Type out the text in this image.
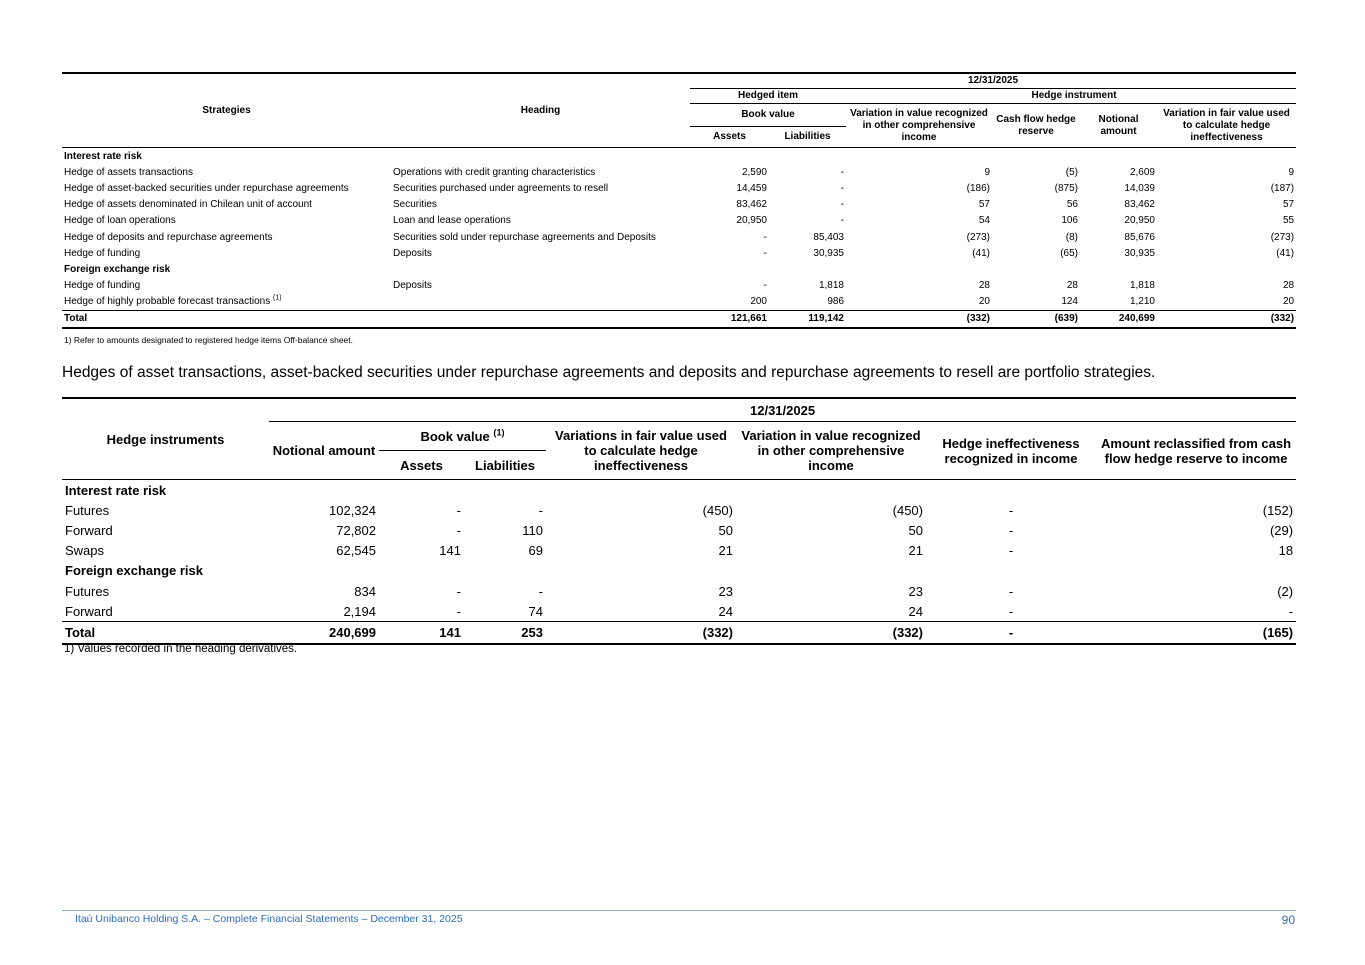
Strategies	Heading	12/31/2025					
		Hedged item		Hedge instrument			
		Book value		Variation in value recognized in other comprehensive income	Cash flow hedge reserve	Notional amount	Variation in fair value used to calculate hedge ineffectiveness
		Assets	Liabilities				
Interest rate risk							
Hedge of assets transactions	Operations with credit granting characteristics	2,590	-	9	(5)	2,609	9
Hedge of asset-backed securities under repurchase agreements	Securities purchased under agreements to resell	14,459	-	(186)	(875)	14,039	(187)
Hedge of assets denominated in Chilean unit of account	Securities	83,462	-	57	56	83,462	57
Hedge of loan operations	Loan and lease operations	20,950	-	54	106	20,950	55
Hedge of deposits and repurchase agreements	Securities sold under repurchase agreements and Deposits	-	85,403	(273)	(8)	85,676	(273)
Hedge of funding	Deposits	-	30,935	(41)	(65)	30,935	(41)
Foreign exchange risk							
Hedge of funding	Deposits	-	1,818	28	28	1,818	28
Hedge of highly probable forecast transactions $^{(1)}$		200	986	20	124	1,210	20
Total		121,661	119,142	(332)	(639)	240,699	(332)
1) Refer to amounts designated to registered hedge items Off-balance sheet.
Hedges of asset transactions, asset-backed securities under repurchase agreements and deposits and repurchase agreements to resell are portfolio strategies.
Hedge instruments	12/31/2025						
	Notional amount	Book value $^{(1)}$		Variations in fair value used to calculate hedge ineffectiveness	Variation in value recognized in other comprehensive income	Hedge ineffectiveness recognized in income	Amount reclassified from cash flow hedge reserve to income
		Assets	Liabilities				
Interest rate risk							
Futures	102,324	-	-	(450)	(450)	-	(152)
Forward	72,802	-	110	50	50	-	(29)
Swaps	62,545	141	69	21	21	-	18
Foreign exchange risk							
Futures	834	-	-	23	23	-	(2)
Forward	2,194	-	74	24	24	-	-
Total	240,699	141	253	(332)	(332)	-	(165)
1) Values recorded in the heading derivatives.
Itaú Unibanco Holding S.A. – Complete Financial Statements – December 31, 2025	90
